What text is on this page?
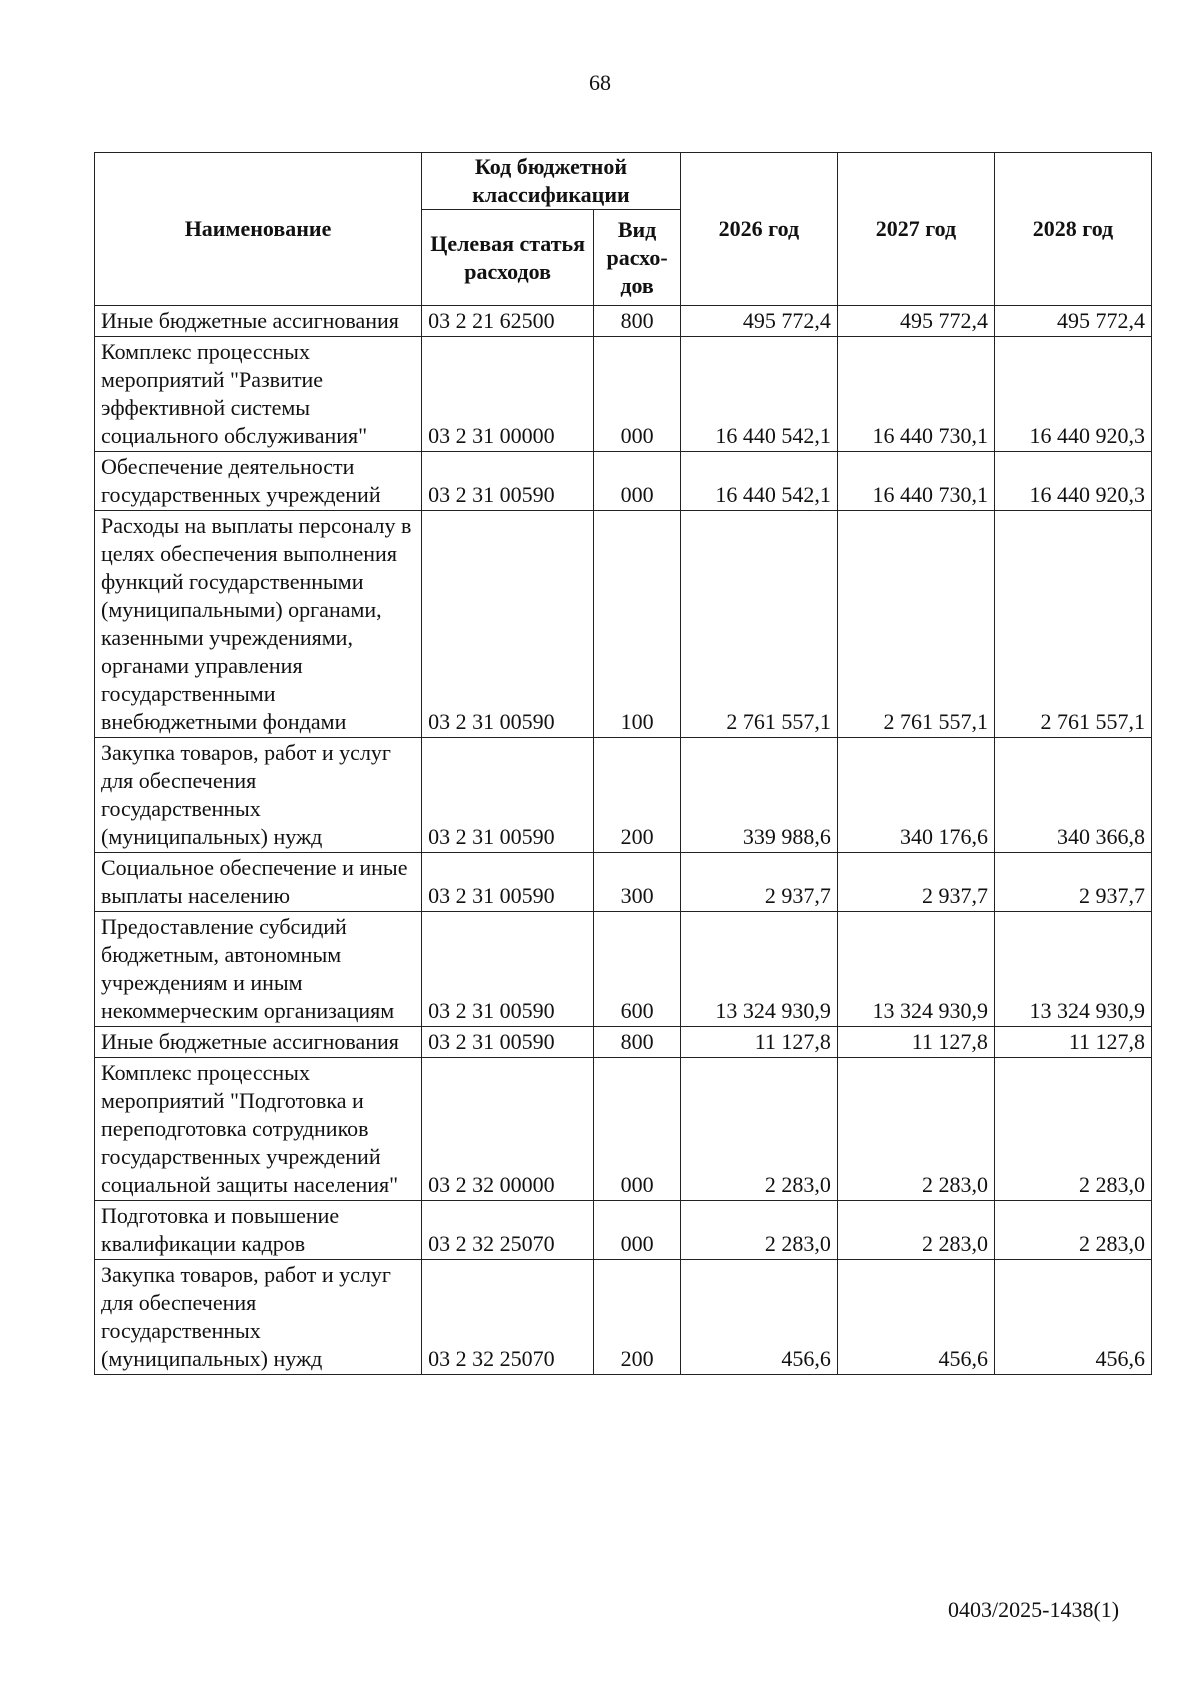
68
Наименование	Код бюджетной классификации		2026 год	2027 год	2028 год
	Целевая статья расходов	Вид расхо-дов			
Иные бюджетные ассигнования	03 2 21 62500	800	495 772,4	495 772,4	495 772,4
Комплекс процессных мероприятий "Развитие эффективной системы социального обслуживания"	03 2 31 00000	000	16 440 542,1	16 440 730,1	16 440 920,3
Обеспечение деятельности государственных учреждений	03 2 31 00590	000	16 440 542,1	16 440 730,1	16 440 920,3
Расходы на выплаты персоналу в целях обеспечения выполнения функций государственными (муниципальными) органами, казенными учреждениями, органами управления государственными внебюджетными фондами	03 2 31 00590	100	2 761 557,1	2 761 557,1	2 761 557,1
Закупка товаров, работ и услуг для обеспечения государственных (муниципальных) нужд	03 2 31 00590	200	339 988,6	340 176,6	340 366,8
Социальное обеспечение и иные выплаты населению	03 2 31 00590	300	2 937,7	2 937,7	2 937,7
Предоставление субсидий бюджетным, автономным учреждениям и иным некоммерческим организациям	03 2 31 00590	600	13 324 930,9	13 324 930,9	13 324 930,9
Иные бюджетные ассигнования	03 2 31 00590	800	11 127,8	11 127,8	11 127,8
Комплекс процессных мероприятий "Подготовка и переподготовка сотрудников государственных учреждений социальной защиты населения"	03 2 32 00000	000	2 283,0	2 283,0	2 283,0
Подготовка и повышение квалификации кадров	03 2 32 25070	000	2 283,0	2 283,0	2 283,0
Закупка товаров, работ и услуг для обеспечения государственных (муниципальных) нужд	03 2 32 25070	200	456,6	456,6	456,6
0403/2025-1438(1)
